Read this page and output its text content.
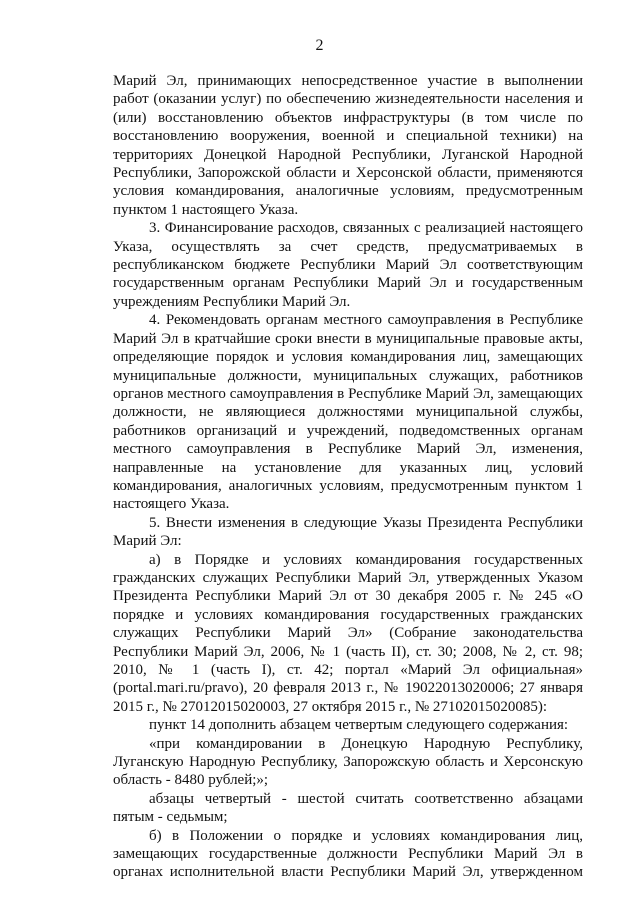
2

Марий Эл, принимающих непосредственное участие в выполнении работ (оказании услуг) по обеспечению жизнедеятельности населения и (или) восстановлению объектов инфраструктуры (в том числе по восстановлению вооружения, военной и специальной техники) на территориях Донецкой Народной Республики, Луганской Народной Республики, Запорожской области и Херсонской области, применяются условия командирования, аналогичные условиям, предусмотренным пунктом 1 настоящего Указа.

3. Финансирование расходов, связанных с реализацией настоящего Указа, осуществлять за счет средств, предусматриваемых в республиканском бюджете Республики Марий Эл соответствующим государственным органам Республики Марий Эл и государственным учреждениям Республики Марий Эл.

4. Рекомендовать органам местного самоуправления в Республике Марий Эл в кратчайшие сроки внести в муниципальные правовые акты, определяющие порядок и условия командирования лиц, замещающих муниципальные должности, муниципальных служащих, работников органов местного самоуправления в Республике Марий Эл, замещающих должности, не являющиеся должностями муниципальной службы, работников организаций и учреждений, подведомственных органам местного самоуправления в Республике Марий Эл, изменения, направленные на установление для указанных лиц, условий командирования, аналогичных условиям, предусмотренным пунктом 1 настоящего Указа.

5. Внести изменения в следующие Указы Президента Республики Марий Эл:

а) в Порядке и условиях командирования государственных гражданских служащих Республики Марий Эл, утвержденных Указом Президента Республики Марий Эл от 30 декабря 2005 г. № 245 «О порядке и условиях командирования государственных гражданских служащих Республики Марий Эл» (Собрание законодательства Республики Марий Эл, 2006, № 1 (часть II), ст. 30; 2008, № 2, ст. 98; 2010, № 1 (часть I), ст. 42; портал «Марий Эл официальная» (portal.mari.ru/pravo), 20 февраля 2013 г., № 19022013020006; 27 января 2015 г., № 27012015020003, 27 октября 2015 г., № 27102015020085):

пункт 14 дополнить абзацем четвертым следующего содержания:

«при командировании в Донецкую Народную Республику, Луганскую Народную Республику, Запорожскую область и Херсонскую область - 8480 рублей;»;

абзацы четвертый - шестой считать соответственно абзацами пятым - седьмым;

б) в Положении о порядке и условиях командирования лиц, замещающих государственные должности Республики Марий Эл в органах исполнительной власти Республики Марий Эл, утвержденном
